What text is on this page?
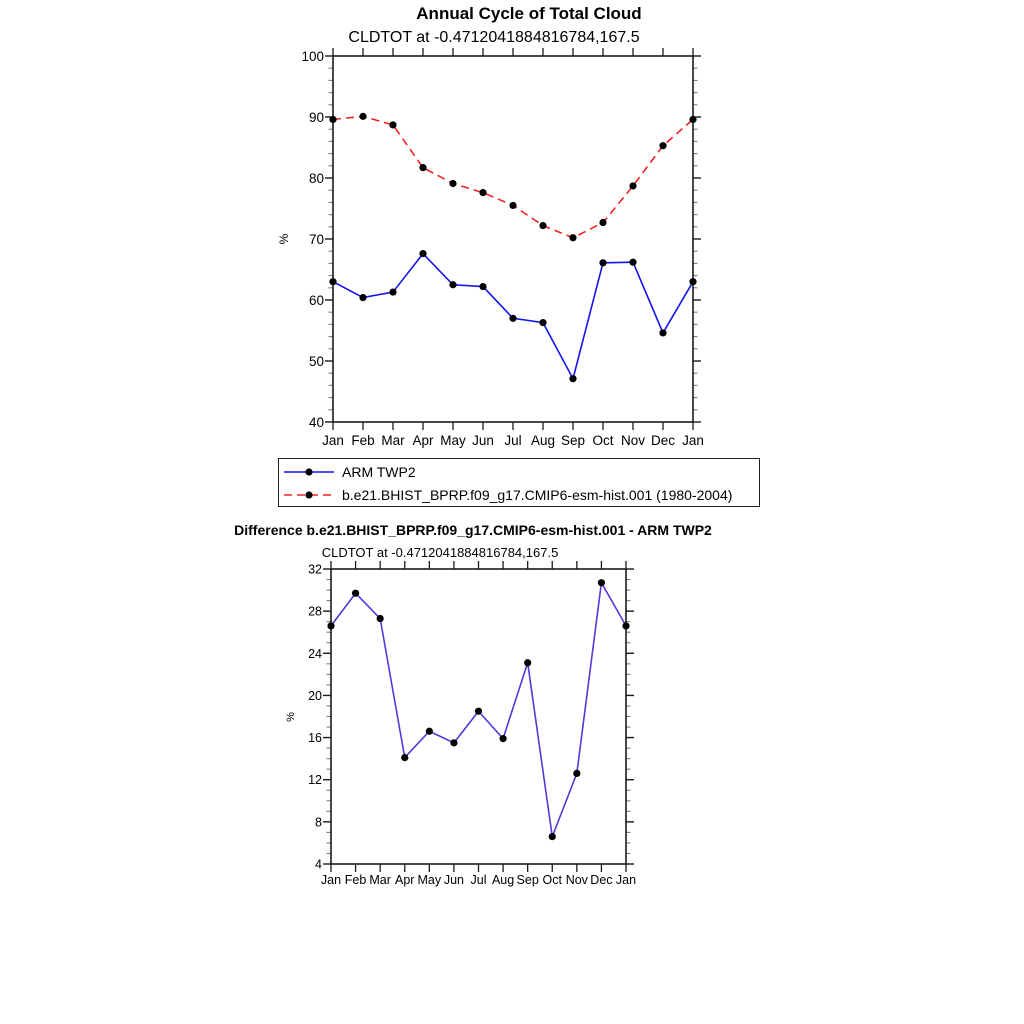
Annual Cycle of Total Cloud
CLDTOT at -0.4712041884816784,167.5
40
50
60
70
80
90
100
Jan Feb Mar Apr May Jun Jul Aug Sep Oct Nov Dec Jan
%
ARM TWP2
b.e21.BHIST_BPRP.f09_g17.CMIP6-esm-hist.001 (1980-2004)
Difference b.e21.BHIST_BPRP.f09_g17.CMIP6-esm-hist.001 - ARM TWP2
CLDTOT at -0.4712041884816784,167.5
4
8
12
16
20
24
28
32
Jan Feb Mar Apr May Jun Jul Aug Sep Oct Nov Dec Jan
%
